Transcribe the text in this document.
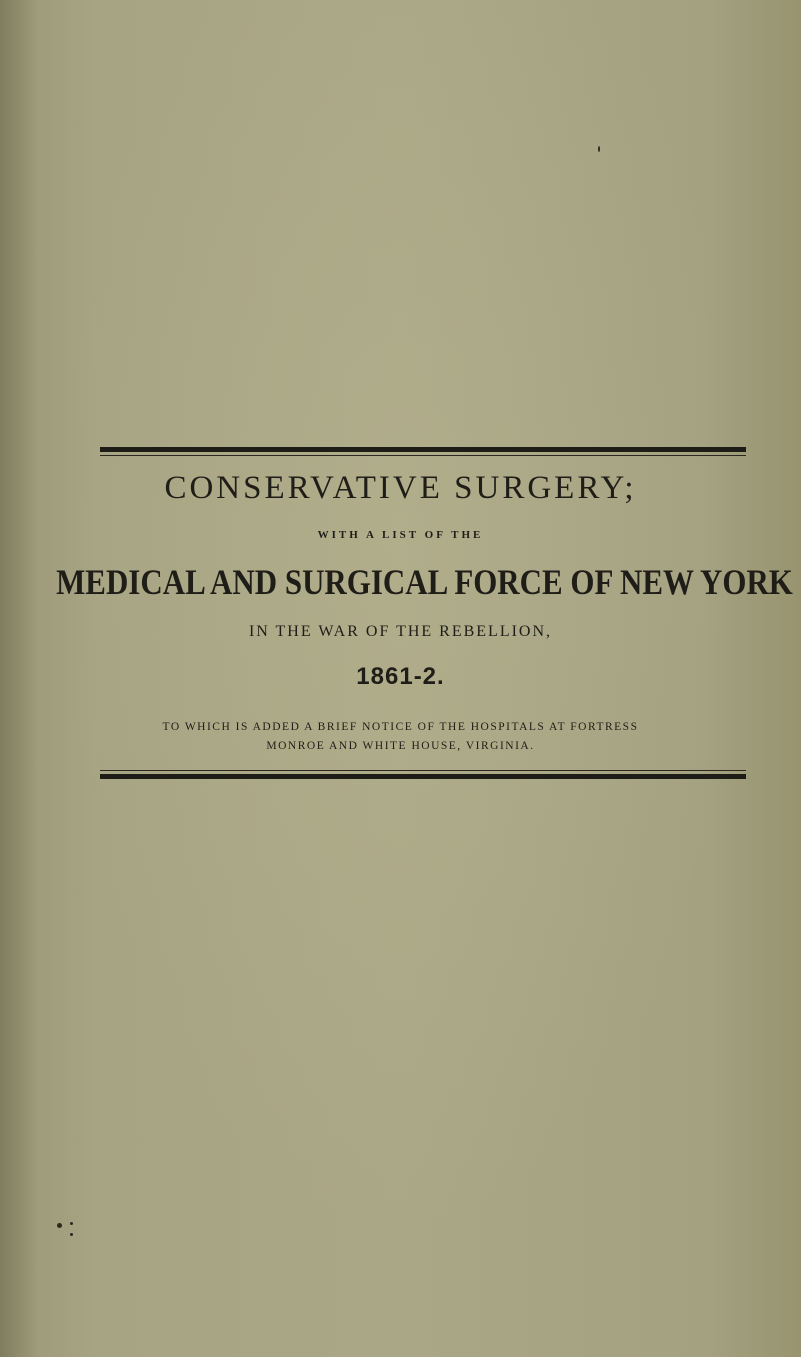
CONSERVATIVE SURGERY;
WITH A LIST OF THE
MEDICAL AND SURGICAL FORCE OF NEW YORK
IN THE WAR OF THE REBELLION,
1861-2.
TO WHICH IS ADDED A BRIEF NOTICE OF THE HOSPITALS AT FORTRESS
MONROE AND WHITE HOUSE, VIRGINIA.
